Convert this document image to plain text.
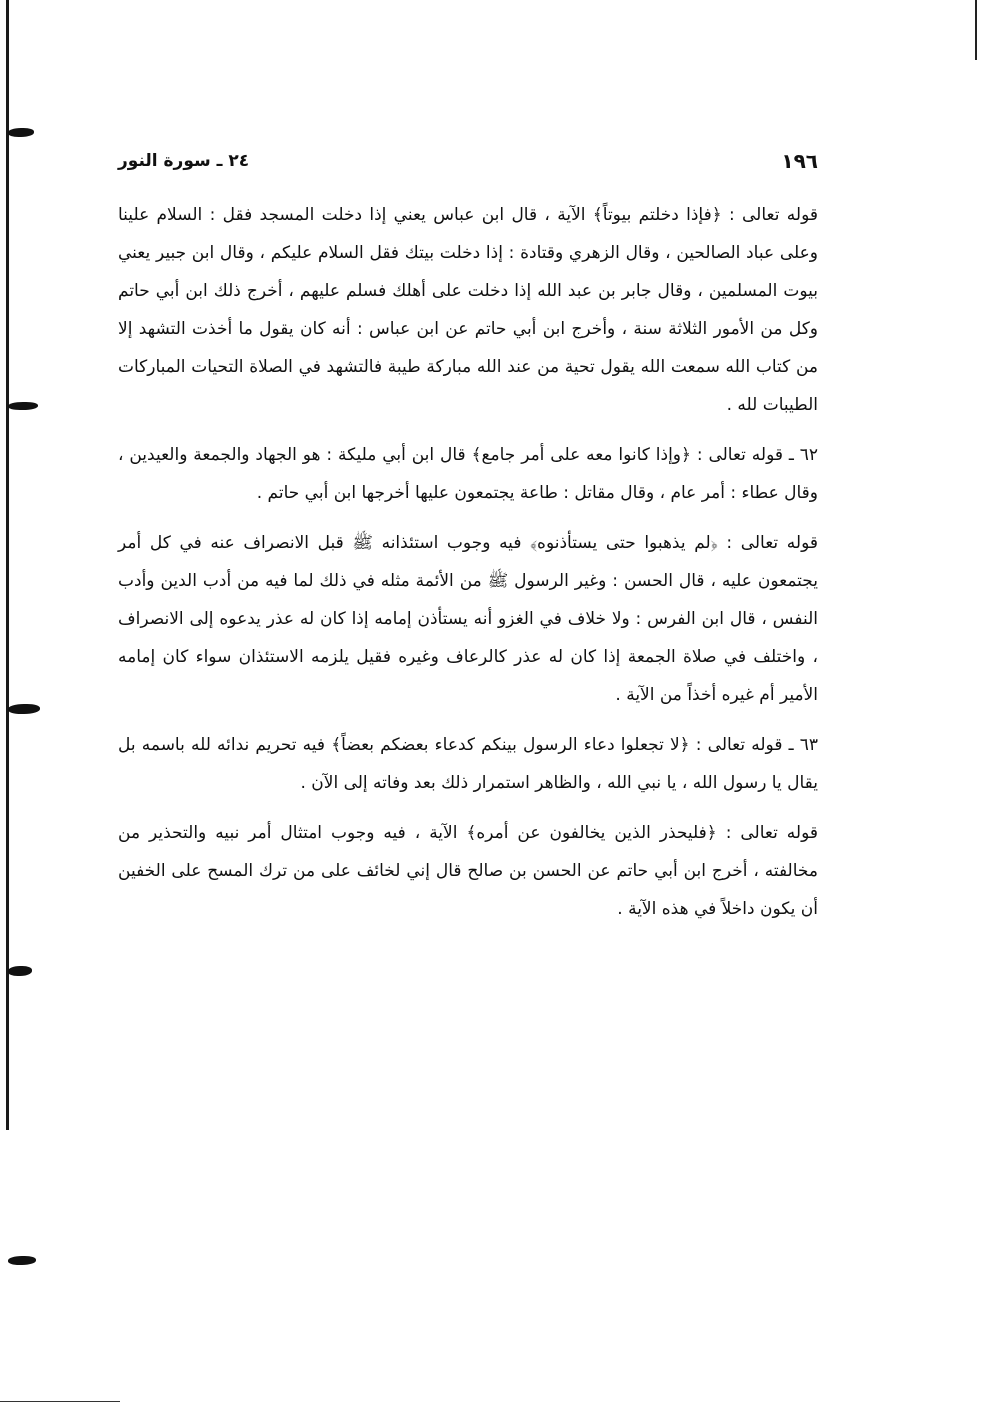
١٩٦
٢٤ ـ سورة النور

قوله تعالى : ﴿فإذا دخلتم بيوتاً﴾ الآية ، قال ابن عباس يعني إذا دخلت المسجد فقل : السلام علينا وعلى عباد الصالحين ، وقال الزهري وقتادة : إذا دخلت بيتك فقل السلام عليكم ، وقال ابن جبير يعني بيوت المسلمين ، وقال جابر بن عبد الله إذا دخلت على أهلك فسلم عليهم ، أخرج ذلك ابن أبي حاتم وكل من الأمور الثلاثة سنة ، وأخرج ابن أبي حاتم عن ابن عباس : أنه كان يقول ما أخذت التشهد إلا من كتاب الله سمعت الله يقول تحية من عند الله مباركة طيبة فالتشهد في الصلاة التحيات المباركات الطيبات لله .

٦٢ ـ قوله تعالى : ﴿وإذا كانوا معه على أمر جامع﴾ قال ابن أبي مليكة : هو الجهاد والجمعة والعيدين ، وقال عطاء : أمر عام ، وقال مقاتل : طاعة يجتمعون عليها أخرجها ابن أبي حاتم .

قوله تعالى : ﴿لم يذهبوا حتى يستأذنوه﴾ فيه وجوب استئذانه ﷺ قبل الانصراف عنه في كل أمر يجتمعون عليه ، قال الحسن : وغير الرسول ﷺ من الأئمة مثله في ذلك لما فيه من أدب الدين وأدب النفس ، قال ابن الفرس : ولا خلاف في الغزو أنه يستأذن إمامه إذا كان له عذر يدعوه إلى الانصراف ، واختلف في صلاة الجمعة إذا كان له عذر كالرعاف وغيره فقيل يلزمه الاستئذان سواء كان إمامه الأمير أم غيره أخذاً من الآية .

٦٣ ـ قوله تعالى : ﴿لا تجعلوا دعاء الرسول بينكم كدعاء بعضكم بعضاً﴾ فيه تحريم ندائه لله باسمه بل يقال يا رسول الله ، يا نبي الله ، والظاهر استمرار ذلك بعد وفاته إلى الآن .

قوله تعالى : ﴿فليحذر الذين يخالفون عن أمره﴾ الآية ، فيه وجوب امتثال أمر نبيه والتحذير من مخالفته ، أخرج ابن أبي حاتم عن الحسن بن صالح قال إني لخائف على من ترك المسح على الخفين أن يكون داخلاً في هذه الآية .
